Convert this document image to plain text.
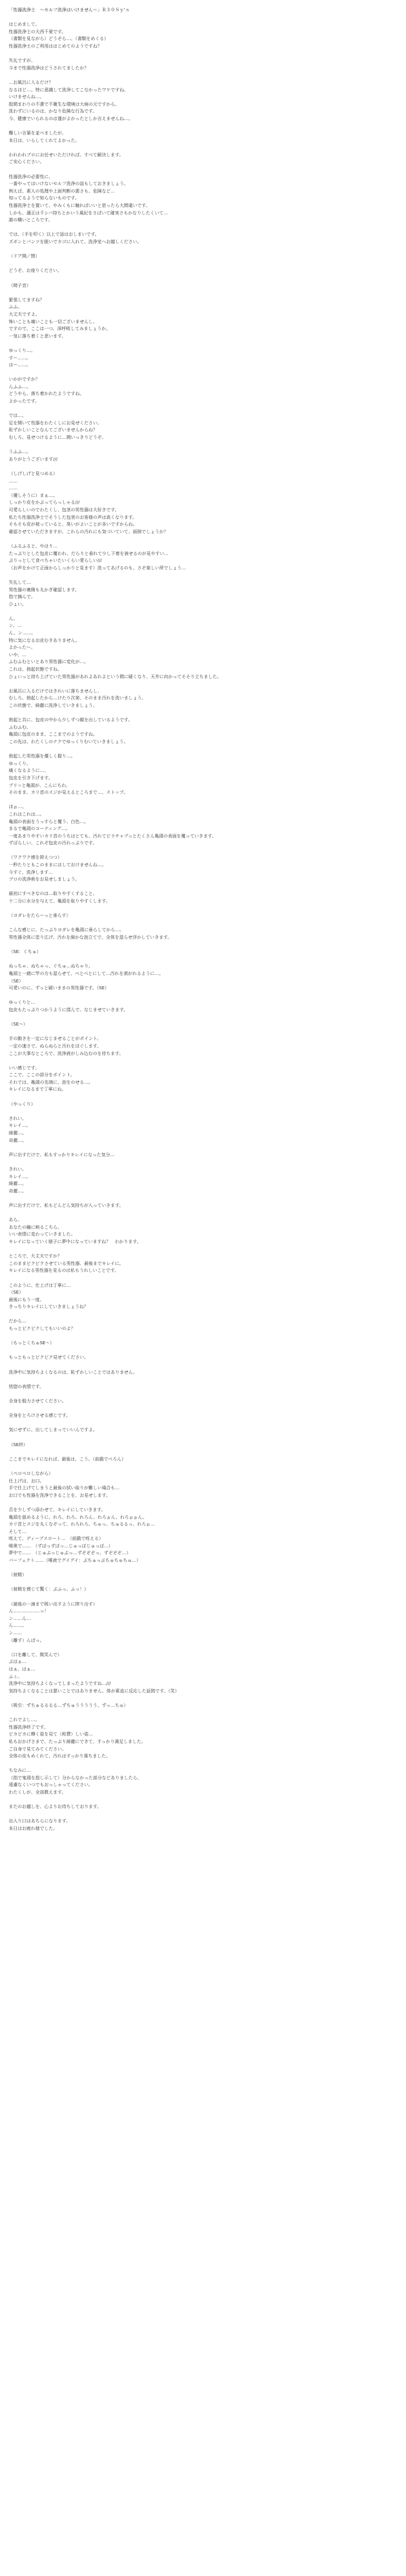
「性器洗浄士　～セルフ洗浄はいけません～」Ｒ３０Ｓｙ’ｓ
はじめまして。
性器洗浄士の大西千夏です。
（書類を見ながら）どうぞら…。（書類をめくる）
性器洗浄士のご利用ははじめてのようですね？
失礼ですが、
今まで性器洗浄はどうされてましたか？
…お風呂に入るだけ？
なるほど…、特に意識して洗浄してこなかったワケですね。
いけませんね…。
股間まわりの不潔で不衛生な環境は大病の元ですから。
洗わずにいるのは、かなり危険な行為です。
今、健康でいられるのは運がよかったとしか言えませんね…。
難しい言葉を並べましたが、
本日は、いらしてくれてよかった。
われわれプロにお任せいただければ、すべて解決します。
ご安心ください。
性器洗浄の必要性に、
一番やってはいけないセルフ洗浄の話もしておきましょう。
例えば、素人の処理や上面判断の悪さも、危険など…
知ってるようで知らないものです。
性器洗浄士を置いて、やみくもに触れぱいいと思ったら大間違いです。
しかも、適正は千シバ持ちとかいう風紀をさばいて確実さもかなりしたくいて…
誰の構いところです。
では、（手を叩く）以上で話はおしまいです。
ズボンとパンツを脱いでカゴに入れて、洗浄室へお越しください。
（ドア開／閉）
どうぞ、お座りください。
（椅子音）
緊張してますね？
ふふ。
大丈夫ですよ。
怖いことも痛いことも一切ございませんし、
ですので、ここは一つ、深呼吸してみましょうか。
一気に落ち着くと思います。
ゆっくり…。
すー……。
はー……。
いかがですか？
んふふ…。
どうやら、落ち着かれたようですね。
よかったです。
では…、
足を開いて性器をわたくしにお見せください。
恥ずかしいことなんてございませんからね？
むしろ、見せつけるように…開いっきりどうぞ。
うふふ…。
ありがとうございます///
（しげしげと見つめる）
……
……
（優しそうに）まぁ…。
しっかり皮をかぶってらっしゃる///
可愛らしいのでわたくし、包茎の男性器は大好きです。
私たち性器洗浄士でそうした包茎のお客様の声は高くなります。
そもそも皮が被っていると、臭いがよいことが多いですからね。
確認させていただきますが、これらの汚れにも気づいていて、面倒でしょうか？
（ふるふると、やはり…
たっぷりとした包皮に覆われ、だらりと垂れて少し下着を被せるのが見やすい…
ぷりっとして食べちゃいたいくらい愛らしい///
（お声をかけて正面からしっかりと見ます）洗ってあげるのも、さぞ楽しい所でしょう…
失礼して…
男性器の裏側も丸かぎ確認します。
指で摘んで。
ひょい。
ん。
ン、…
ん、ン……。
特に気になるお皮むきありません。
よかったー。
いや、…
ふむふむといとあり男性器に変化が…。
これは、勃起状態ですね。
ひょいっと持ち上げていた男性器があれよあれよという間に硬くなり、天井に向かってそそり立ちました。
お風呂に入るだけではきれいに落ちませんし、
むしろ、勃起したから…けたり次第、そのまま汚れを洗いましょう。
この状態で、綺麗に洗浄していきましょう。
勃起と共に、包皮の中から少しずつ顔を出しているようです。
ふむふむ。
亀頭に包皮のまま、ここまでのようですね。
この先は、わたくしのテクでゆっくりむいていきましょう。
勃起した男性器を優しく握り…。
ゆっくり。
痛くなるように…、
包皮を引き下げます。
プリッと亀頭が、こんにちわ。
そのまま、カリ首のスジが見えるところまで…、ストップ。
ほぉ…。
これはこれは…。
亀頭の表面をうっすらと覆う、白色…。
まるで亀頭のコーティング…。
一度あまりやすいカリ首のうちはとても、汚れてピラチャプっとたくさん亀頭の表面を覆っていきます。
ずばらしい、これぞ包皮の汚れっぷりです。
（ワクワク感を抑えつつ）
一秒たりともこのままにはしておけませんね…。
今すぐ、洗浄します…
プロの洗浄術をお見せしましょう。
最初にすべきなのは…取りやすくすること。
十二分に水分を与えて、亀頭を取りやすくします。
（ヨダレをたらーっと垂らす）
こんな感じに、たっぷりヨダレを亀頭に垂らしてから…。
男性器全体に塗り広げ、汚れを細かな泡立てで、全体を湿らせ浮かしていきます。
（SE：くちゅ）
ぬっちゃ、ぬちゃっ、ぐちゅ…ぬちゃり。
亀頭と一緒に竿の方も湿らせて、べとべとにして…汚れを剥がれるように…。
（SE）
可愛いのに、ずっと硬いままの男性器です。（SE）
ゆっくりと…
包皮もたっぷりつかうように揉んで、なじませていきます。
（SE～）
手の動きを一定になじませることがポイント。
一定の速さで、ぬらぬらと汚れをほぐします。
ここが大事なところで、洗浄液がしみ込むのを待ちます。
いい感じです。
ここで、ここの部分をポイント。
それでは、亀頭の先端に、泡をのせる…。
キレイになるまで丁寧にね。
（やっくり）
きれい。
キレイ…。
綺麗…。
奇麗…。
声に出すだけで、私もすっかりキレイになった気分…
きれい。
キレイ…。
綺麗…。
奇麗…。
声に出すだけで、私もどんどん気持ちが入っていきます。
あら。
あなたの瞳に映るこちら。
いい表情に変わっていきました。
キレイになっていく様子に夢中になっていますね？　わかります。
ところで、大丈夫ですか？
このままピクピクさせている男性器、最後までキレイに。
キレイになる男性器を見るのは私もうれしいことです。
このように、仕上げは丁寧に…
（SE）
最後にもう一度、
きっちりキレイにしていきましょうね？
だから…
もっとピクピクしてもいいのよ？
（もっとくちゅSE～）
もっともっとピクピク見せてください。
洗浄中に気持ちよくなるのは、恥ずかしいことではありません。
恍惚の表情です。
全身を脱力させてください。
全身をとろけさせる感じです。
気にせずに、出してしまっていいんですよ。
（SE終）
ここまでキレイになれば、最後は、こう。（前戯でぺろん）
（ペロペロしながら）
仕上げは、お口。
手で仕上げてしまうと最後の拭い取りが難しい場合も…
お口でも性器を洗浄できることを、お見せします。
舌を少しずつ添わせて、キレイにしていきます。
亀頭を舐めるように、れろ、れろ、れろん、れろぉん、れろぉぉん。
カリ首とスジを丸くなぞって、れろれろ、ちゅっ、ちゅるるっ、れろぉ…
そして…
咥えて、ディープスロート…　（前戯で咥える）
喉奥で……　（ずぽっずぽっ…じゅっぽじゅっぽ…）
夢中で……　（じゅぷっじゅぷっ…ずぞぞぞっ、ずぞぞぞ…）
バーフェクト……（唾液でグイグイ：ぶちゅっぶちゅちゅちゅ…）
（射精）
（射精を感じて驚く：ぶふっ、ふっ！）
（最後の一滴まで吸い出すように搾り出す）
ん………………っ！
ン……ん…
ん……。
ン……
（離す）んぱっ。
（口を離して、微笑んで）
ぷはぁ…
はぁ、はぁ…
ふぅ。
洗浄中に気持ちよくなってしまったようですね…///
気持ちよくなることは悪いことではありません。体が素直に反応した証拠です。（笑）
（吸引：ずちゅるるるる…ずちゅううううう、ずっ…ちゅ）
これでよし…。
性器洗浄終了です。
ピカピカに輝く姿を見て（称賛）しい姿…
私もおかげさまで、たっぷり綺麗にできて、すっかり満足しました。
ご自身で見てみてください。
全体の皮もめくれて、汚れはすっかり落ちました。
ちなみに…
（指で鬼頭を指し示して）分からなかった部分などありましたら、
遠慮なくいつでもおっしゃってください。
わたくしが、全部教えます。
またのお越しを、心よりお待ちしております。
出入り口はあちらになります。
本日はお疲れ様でした。
